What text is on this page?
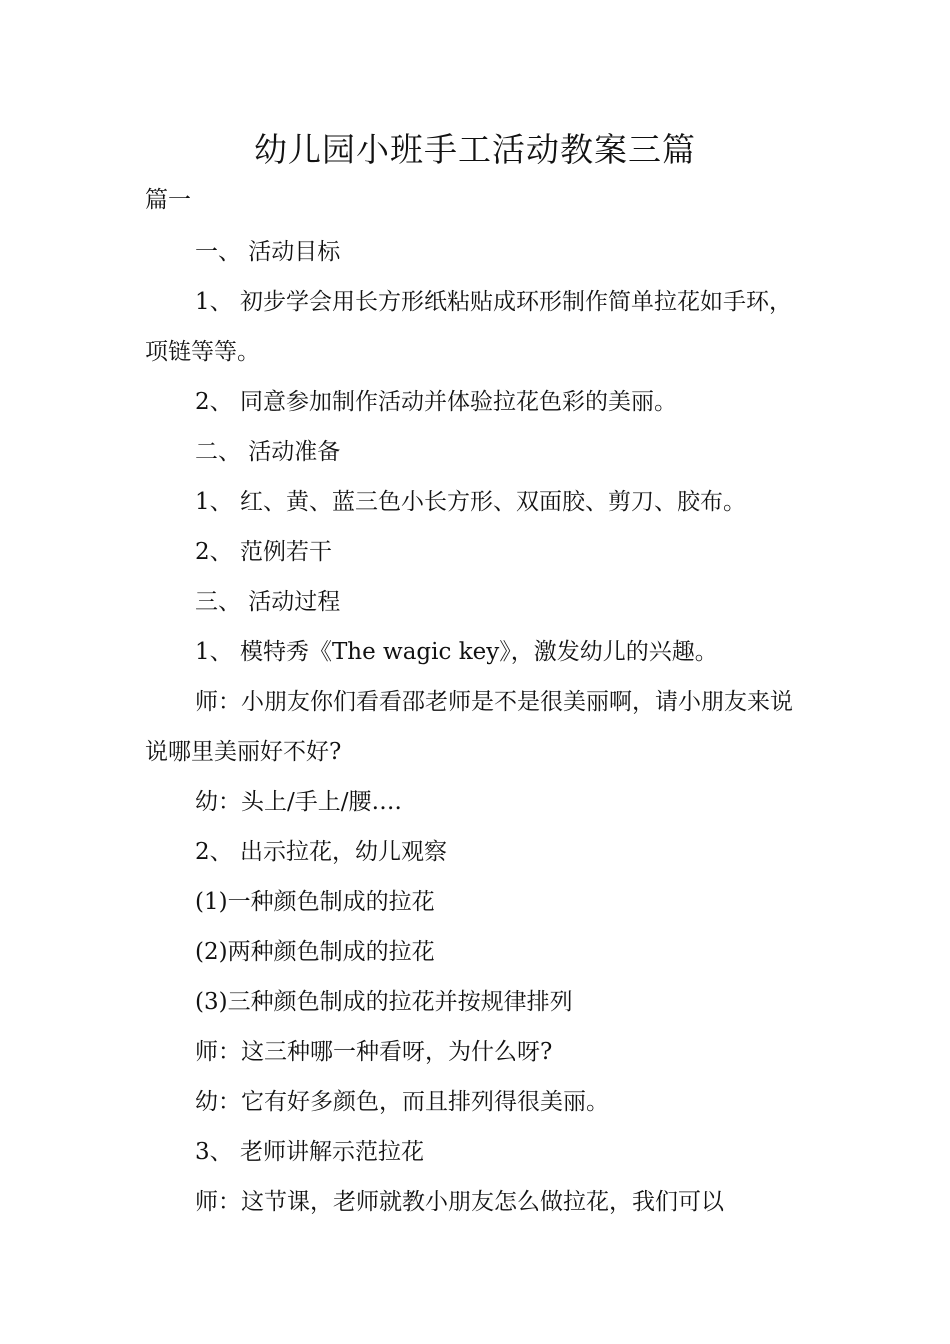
幼儿园小班手工活动教案三篇
篇一

一、 活动目标

1、 初步学会用长方形纸粘贴成环形制作简单拉花如手环，项链等等。

2、 同意参加制作活动并体验拉花色彩的美丽。

二、 活动准备

1、 红、黄、蓝三色小长方形、双面胶、剪刀、胶布。

2、 范例若干

三、 活动过程

1、 模特秀《The wagic key》，激发幼儿的兴趣。

师：小朋友你们看看邵老师是不是很美丽啊，请小朋友来说说哪里美丽好不好?

幼：头上/手上/腰….

2、 出示拉花，幼儿观察

(1)一种颜色制成的拉花

(2)两种颜色制成的拉花

(3)三种颜色制成的拉花并按规律排列

师：这三种哪一种看呀，为什么呀?

幼：它有好多颜色，而且排列得很美丽。

3、 老师讲解示范拉花

师：这节课，老师就教小朋友怎么做拉花，我们可以
